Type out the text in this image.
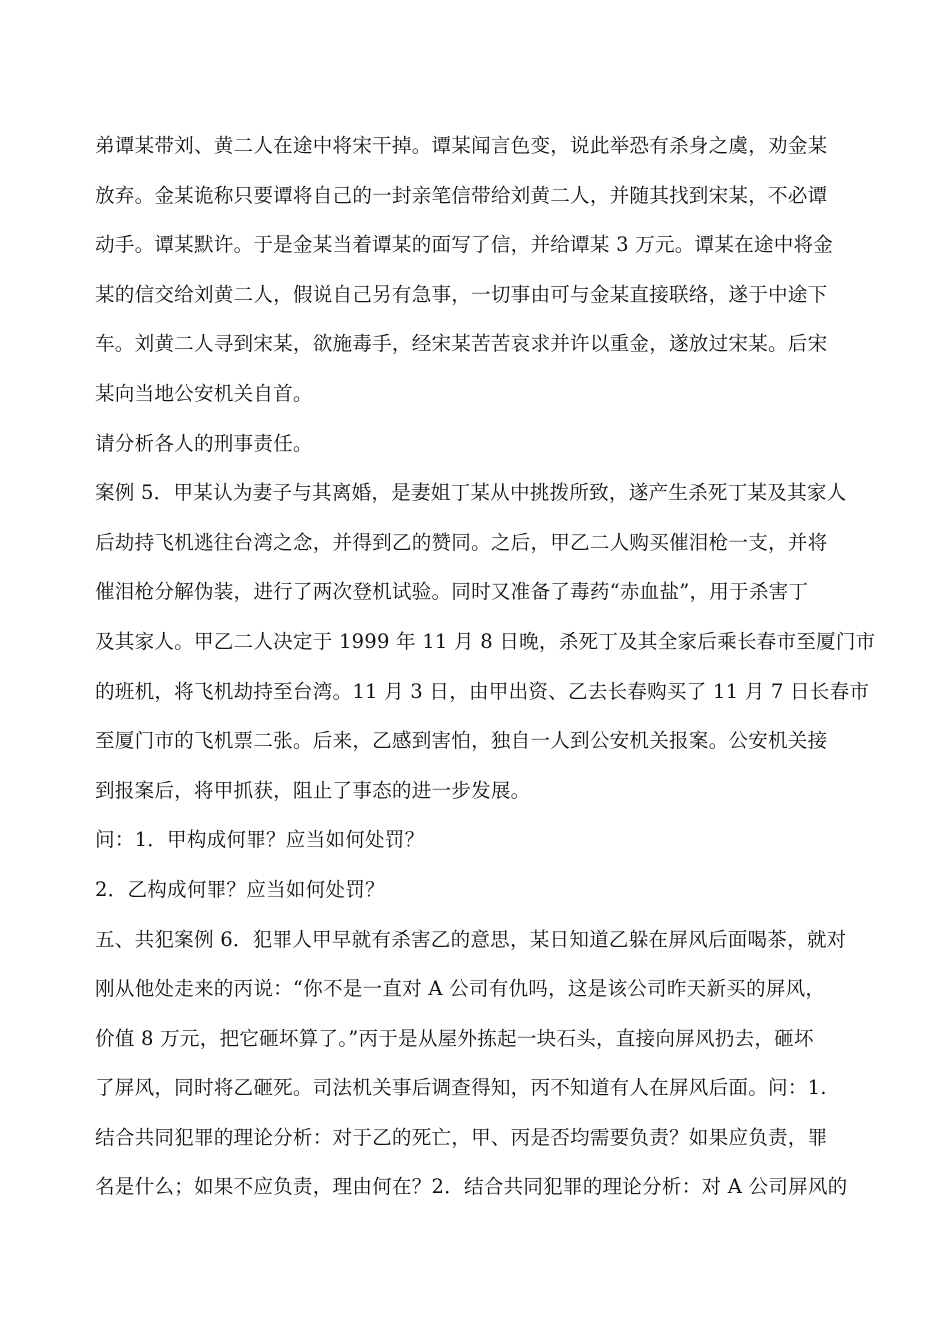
弟谭某带刘、黄二人在途中将宋干掉。谭某闻言色变，说此举恐有杀身之虞，劝金某
放弃。金某诡称只要谭将自己的一封亲笔信带给刘黄二人，并随其找到宋某，不必谭
动手。谭某默许。于是金某当着谭某的面写了信，并给谭某 3 万元。谭某在途中将金
某的信交给刘黄二人，假说自己另有急事，一切事由可与金某直接联络，遂于中途下
车。刘黄二人寻到宋某，欲施毒手，经宋某苦苦哀求并许以重金，遂放过宋某。后宋
某向当地公安机关自首。
请分析各人的刑事责任。
案例 5．甲某认为妻子与其离婚，是妻姐丁某从中挑拨所致，遂产生杀死丁某及其家人
后劫持飞机逃往台湾之念，并得到乙的赞同。之后，甲乙二人购买催泪枪一支，并将
催泪枪分解伪装，进行了两次登机试验。同时又准备了毒药“赤血盐”，用于杀害丁
及其家人。甲乙二人决定于 1999 年 11 月 8 日晚，杀死丁及其全家后乘长春市至厦门市
的班机，将飞机劫持至台湾。11 月 3 日，由甲出资、乙去长春购买了 11 月 7 日长春市
至厦门市的飞机票二张。后来，乙感到害怕，独自一人到公安机关报案。公安机关接
到报案后，将甲抓获，阻止了事态的进一步发展。
问：1．甲构成何罪？应当如何处罚？
2．乙构成何罪？应当如何处罚？
五、共犯案例 6．犯罪人甲早就有杀害乙的意思，某日知道乙躲在屏风后面喝茶，就对
刚从他处走来的丙说：“你不是一直对 A 公司有仇吗，这是该公司昨天新买的屏风，
价值 8 万元，把它砸坏算了。”丙于是从屋外拣起一块石头，直接向屏风扔去，砸坏
了屏风，同时将乙砸死。司法机关事后调查得知，丙不知道有人在屏风后面。问：1.
结合共同犯罪的理论分析：对于乙的死亡，甲、丙是否均需要负责？如果应负责，罪
名是什么；如果不应负责，理由何在？2．结合共同犯罪的理论分析：对 A 公司屏风的
